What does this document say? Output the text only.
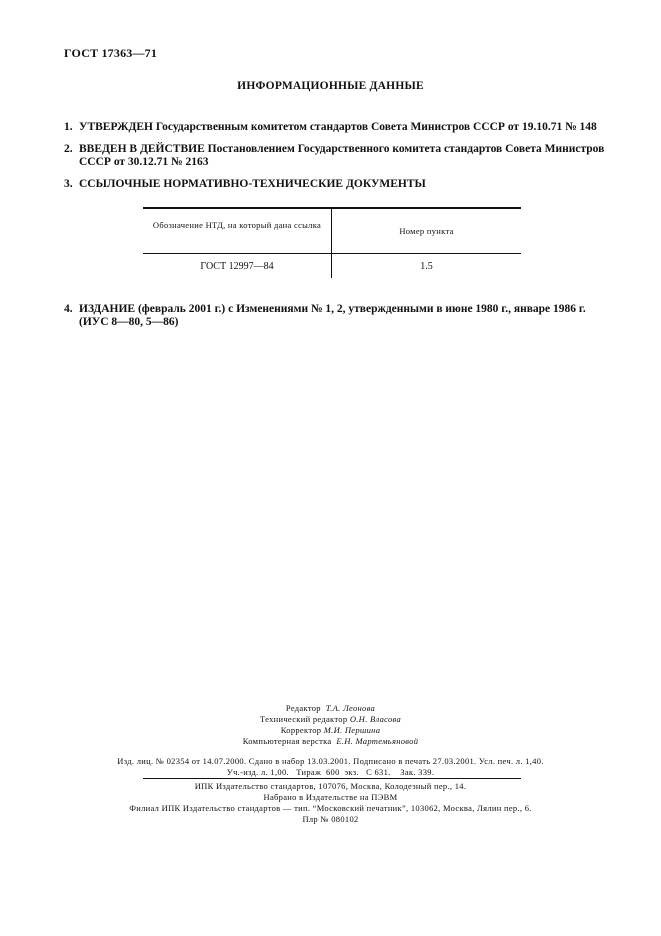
ГОСТ 17363—71
ИНФОРМАЦИОННЫЕ ДАННЫЕ
1. УТВЕРЖДЕН Государственным комитетом стандартов Совета Министров СССР от 19.10.71 № 148
2. ВВЕДЕН В ДЕЙСТВИЕ Постановлением Государственного комитета стандартов Совета Министров
СССР от 30.12.71 № 2163
3. ССЫЛОЧНЫЕ НОРМАТИВНО-ТЕХНИЧЕСКИЕ ДОКУМЕНТЫ
Обозначение НТД, на который дана ссылка
Номер пункта
ГОСТ 12997—84	1.5
4. ИЗДАНИЕ (февраль 2001 г.) с Изменениями № 1, 2, утвержденными в июне 1980 г., январе 1986 г.
(ИУС 8—80, 5—86)
Редактор Т.А. Леонова
Технический редактор О.Н. Власова
Корректор М.И. Першина
Компьютерная верстка Е.Н. Мартемьяновой
Изд. лиц. № 02354 от 14.07.2000. Сдано в набор 13.03.2001. Подписано в печать 27.03.2001. Усл. печ. л. 1,40.
Уч.-изд. л. 1,00.   Тираж  600  экз.   С 631.    Зак. 339.
ИПК Издательство стандартов, 107076, Москва, Колодезный пер., 14.
Набрано в Издательстве на ПЭВМ
Филиал ИПК Издательство стандартов — тип. “Московский печатник”, 103062, Москва, Лялин пер., 6.
Плр № 080102
